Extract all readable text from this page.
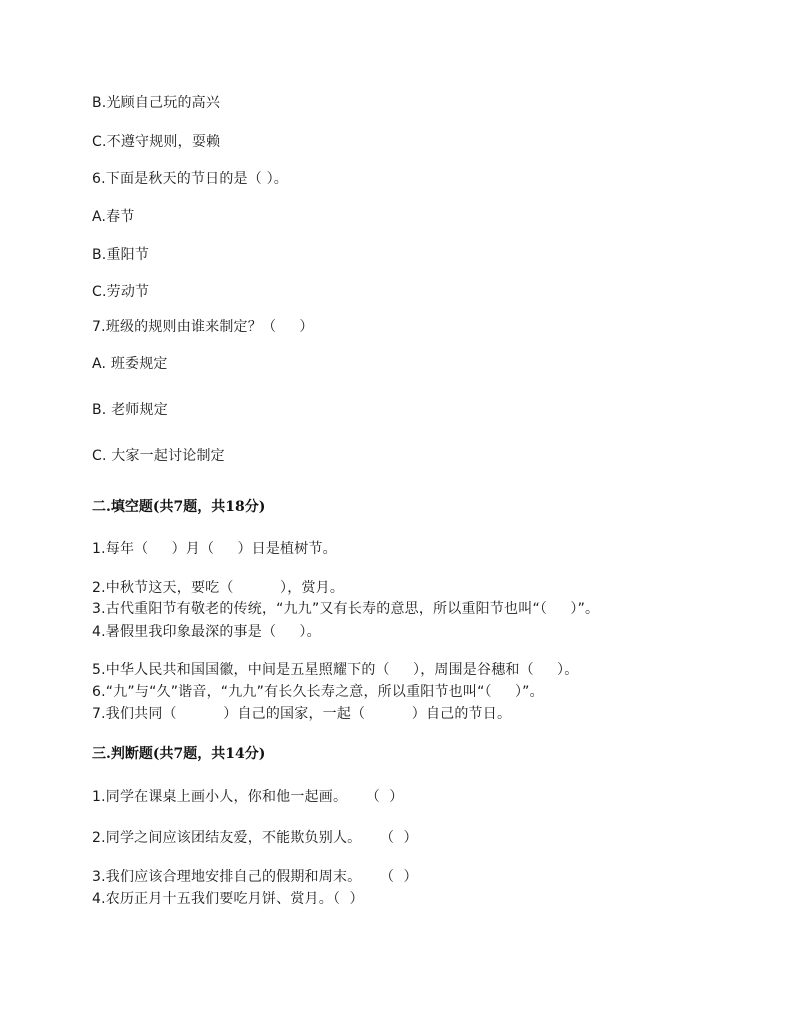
B.光顾自己玩的高兴
C.不遵守规则，耍赖
6.下面是秋天的节日的是（ ）。
A.春节
B.重阳节
C.劳动节
7.班级的规则由谁来制定？（     ）
A. 班委规定
B. 老师规定
C. 大家一起讨论制定
二.填空题(共7题，共18分)
1.每年（     ）月（     ）日是植树节。
2.中秋节这天，要吃（          ），赏月。
3.古代重阳节有敬老的传统，“九九”又有长寿的意思，所以重阳节也叫“（     ）”。
4.暑假里我印象最深的事是（     ）。
5.中华人民共和国国徽，中间是五星照耀下的（     ），周围是谷穗和（     ）。
6.“九”与“久”谐音，“九九”有长久长寿之意，所以重阳节也叫“（     ）”。
7.我们共同（          ）自己的国家，一起（          ）自己的节日。
三.判断题(共7题，共14分)
1.同学在课桌上画小人，你和他一起画。    （  ）
2.同学之间应该团结友爱，不能欺负别人。    （  ）
3.我们应该合理地安排自己的假期和周末。    （  ）
4.农历正月十五我们要吃月饼、赏月。（  ）
